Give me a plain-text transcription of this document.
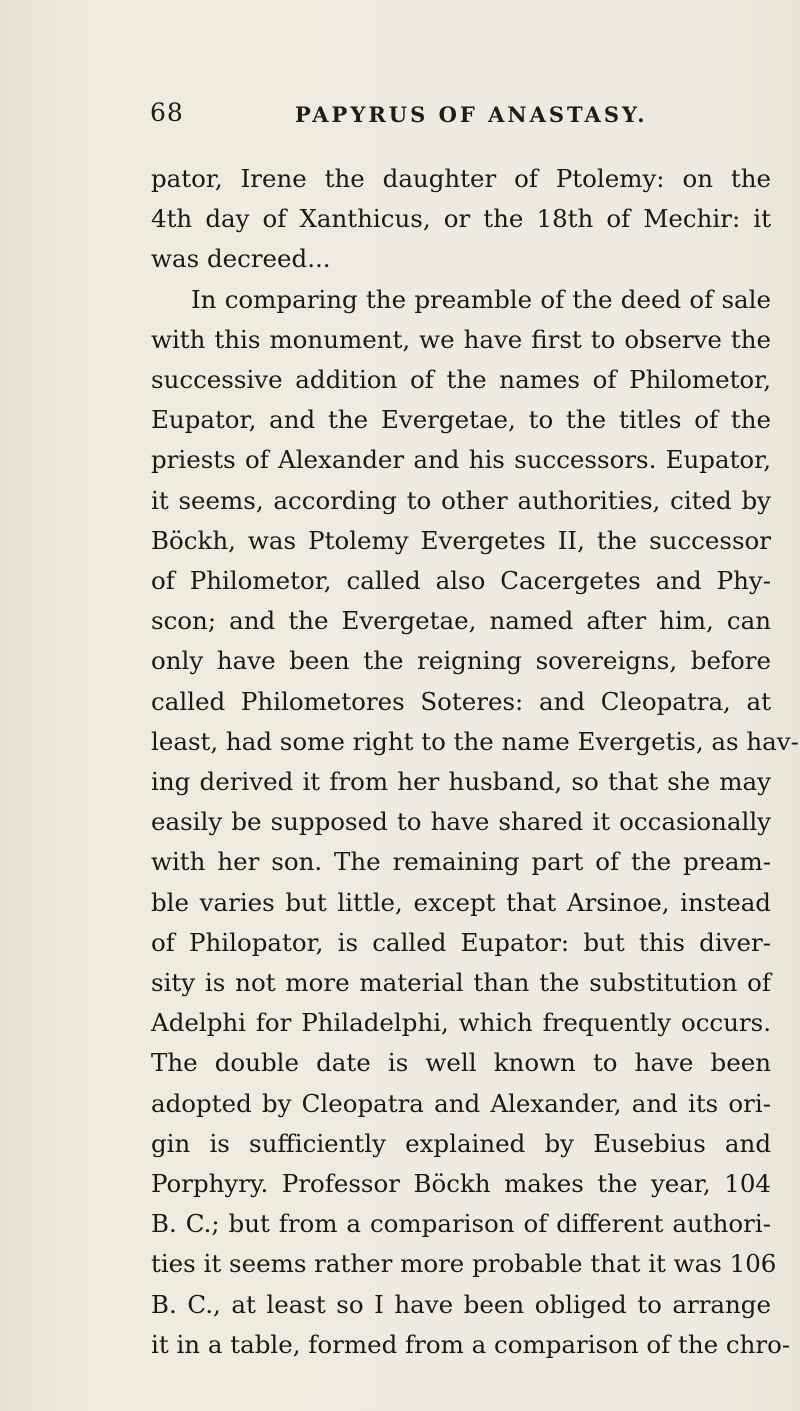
68	PAPYRUS OF ANASTASY.
pator, Irene the daughter of Ptolemy: on the
4th day of Xanthicus, or the 18th of Mechir: it
was decreed...
In comparing the preamble of the deed of sale
with this monument, we have first to observe the
successive addition of the names of Philometor,
Eupator, and the Evergetae, to the titles of the
priests of Alexander and his successors. Eupator,
it seems, according to other authorities, cited by
Böckh, was Ptolemy Evergetes II, the successor
of Philometor, called also Cacergetes and Phy-
scon; and the Evergetae, named after him, can
only have been the reigning sovereigns, before
called Philometores Soteres: and Cleopatra, at
least, had some right to the name Evergetis, as hav-
ing derived it from her husband, so that she may
easily be supposed to have shared it occasionally
with her son. The remaining part of the pream-
ble varies but little, except that Arsinoe, instead
of Philopator, is called Eupator: but this diver-
sity is not more material than the substitution of
Adelphi for Philadelphi, which frequently occurs.
The double date is well known to have been
adopted by Cleopatra and Alexander, and its ori-
gin is sufficiently explained by Eusebius and
Porphyry. Professor Böckh makes the year, 104
B. C.; but from a comparison of different authori-
ties it seems rather more probable that it was 106
B. C., at least so I have been obliged to arrange
it in a table, formed from a comparison of the chro-
